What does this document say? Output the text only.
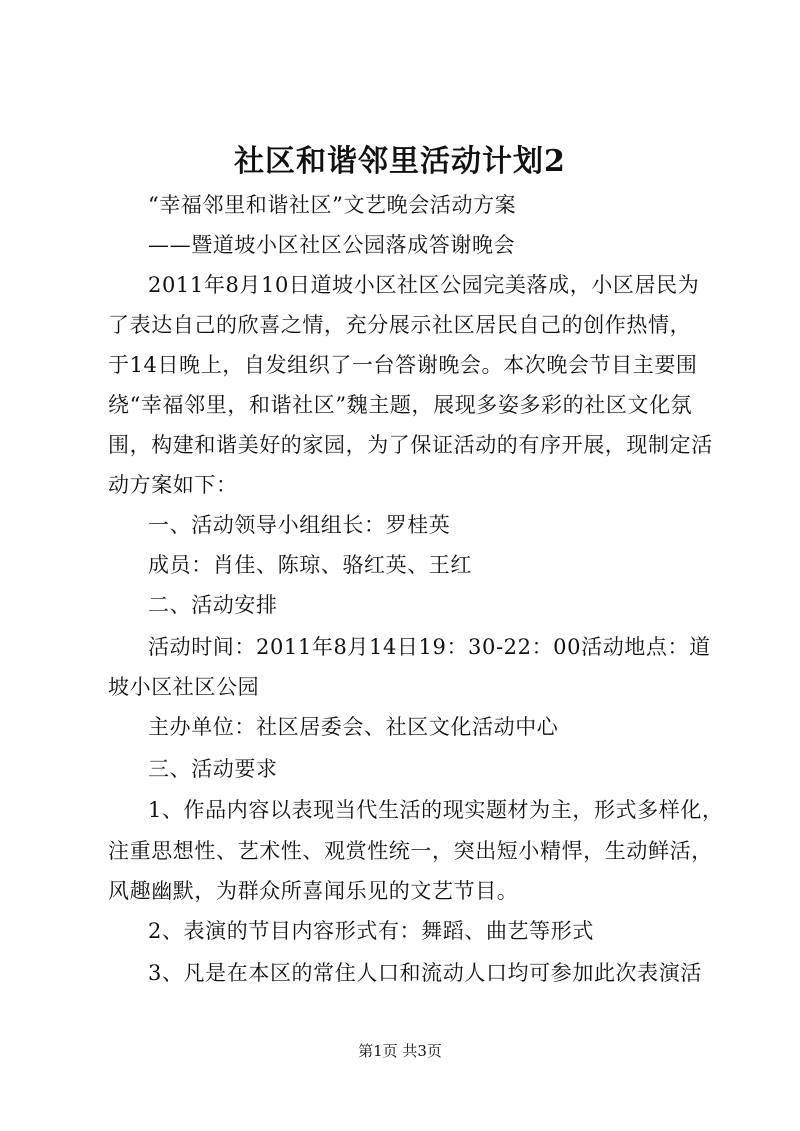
社区和谐邻里活动计划2
“幸福邻里和谐社区”文艺晚会活动方案
——暨道坡小区社区公园落成答谢晚会
2011年8月10日道坡小区社区公园完美落成，小区居民为
了表达自己的欣喜之情，充分展示社区居民自己的创作热情，
于14日晚上，自发组织了一台答谢晚会。本次晚会节目主要围
绕“幸福邻里，和谐社区”魏主题，展现多姿多彩的社区文化氛
围，构建和谐美好的家园，为了保证活动的有序开展，现制定活
动方案如下：
一、活动领导小组组长：罗桂英
成员：肖佳、陈琼、骆红英、王红
二、活动安排
活动时间：2011年8月14日19：30-22：00活动地点：道
坡小区社区公园
主办单位：社区居委会、社区文化活动中心
三、活动要求
1、作品内容以表现当代生活的现实题材为主，形式多样化，
注重思想性、艺术性、观赏性统一，突出短小精悍，生动鲜活，
风趣幽默，为群众所喜闻乐见的文艺节目。
2、表演的节目内容形式有：舞蹈、曲艺等形式
3、凡是在本区的常住人口和流动人口均可参加此次表演活
第1页 共3页
